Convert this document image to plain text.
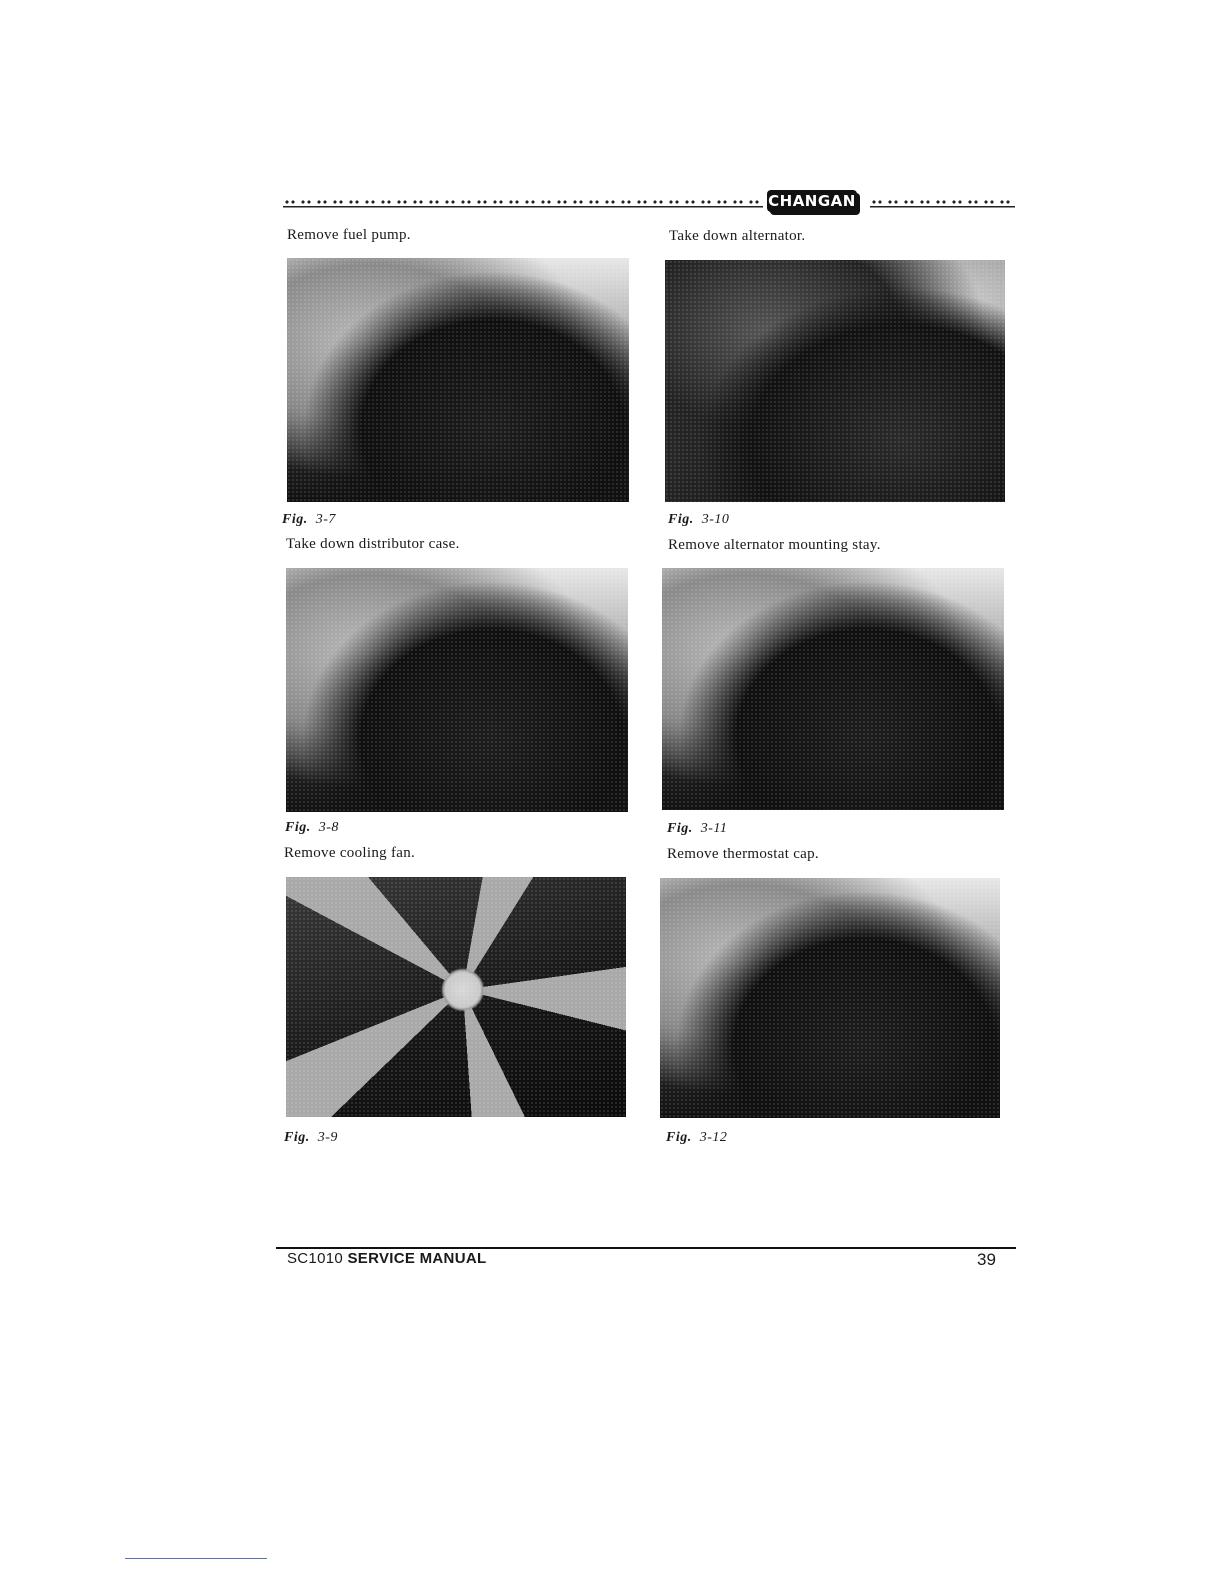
CHANGAN
Remove fuel pump.
Fig. 3-7
Take down distributor case.
Fig. 3-8
Remove cooling fan.
Fig. 3-9
Take down alternator.
Fig. 3-10
Remove alternator mounting stay.
Fig. 3-11
Remove thermostat cap.
Fig. 3-12
SC1010 SERVICE MANUAL	39
